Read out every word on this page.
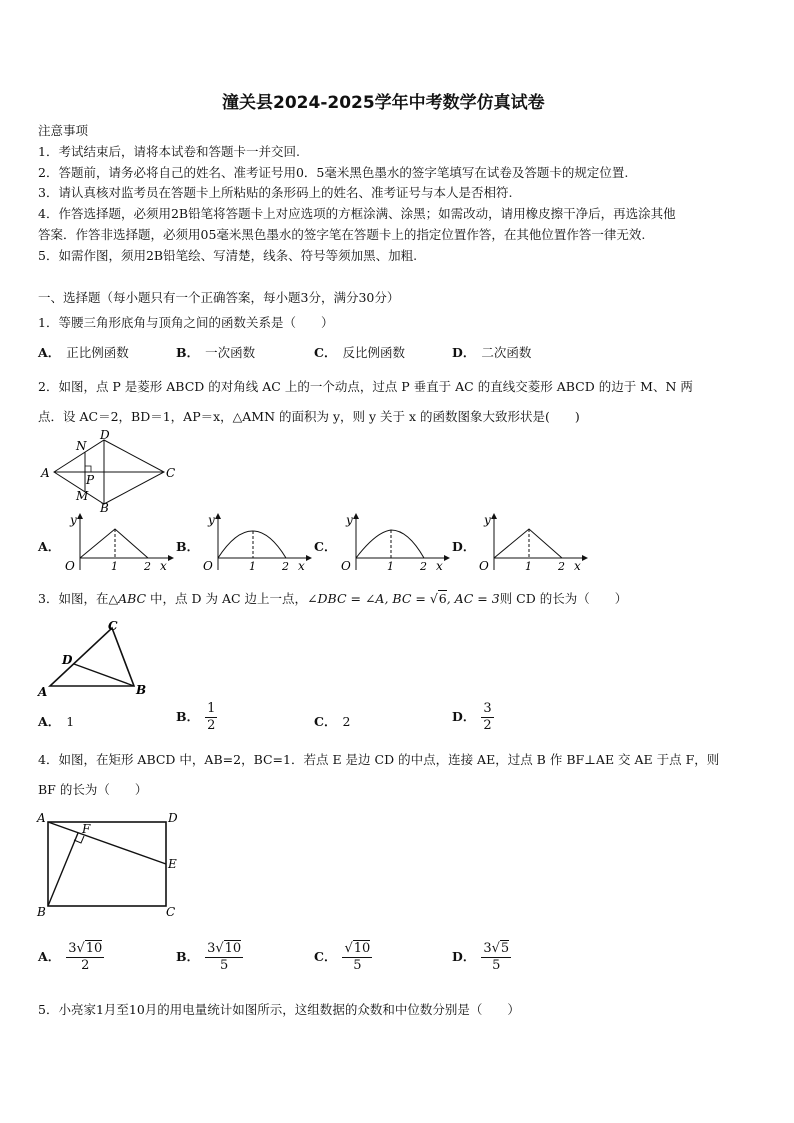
潼关县2024-2025学年中考数学仿真试卷
注意事项
1．考试结束后，请将本试卷和答题卡一并交回.
2．答题前，请务必将自己的姓名、准考证号用0．5毫米黑色墨水的签字笔填写在试卷及答题卡的规定位置.
3．请认真核对监考员在答题卡上所粘贴的条形码上的姓名、准考证号与本人是否相符.
4．作答选择题，必须用2B铅笔将答题卡上对应选项的方框涂满、涂黑；如需改动，请用橡皮擦干净后，再选涂其他
答案．作答非选择题，必须用05毫米黑色墨水的签字笔在答题卡上的指定位置作答，在其他位置作答一律无效.
5．如需作图，须用2B铅笔绘、写清楚，线条、符号等须加黑、加粗.
一、选择题（每小题只有一个正确答案，每小题3分，满分30分）
1．等腰三角形底角与顶角之间的函数关系是（　　）
A． 正比例函数	B． 一次函数	C． 反比例函数	D． 二次函数
2．如图，点 P 是菱形 ABCD 的对角线 AC 上的一个动点，过点 P 垂直于 AC 的直线交菱形 ABCD 的边于 M、N 两
点．设 AC＝2，BD＝1，AP＝x，△AMN 的面积为 y，则 y 关于 x 的函数图象大致形状是(　　)
A
B
C
D
N
P
M
A．
y
O	1 2 x
B．
y
O	1 2 x
C．
y
O	1 2 x
D．
y
O	1 2 x
3．如图，在△ABC 中，点 D 为 AC 边上一点，∠DBC = ∠A, BC = √6, AC = 3则 CD 的长为（　　）
C
D
A	B
A． 1	B． $\frac{1}{2}$	C． 2	D． $\frac{3}{2}$
4．如图，在矩形 ABCD 中，AB=2，BC=1．若点 E 是边 CD 的中点，连接 AE，过点 B 作 BF⊥AE 交 AE 于点 F，则
BF 的长为（　　）
A	D
F
E
B	C
A． $\frac{3√10}{2}$	B． $\frac{3√10}{5}$	C． $\frac{√10}{5}$	D． $\frac{3√5}{5}$
5．小亮家1月至10月的用电量统计如图所示，这组数据的众数和中位数分别是（　　）
